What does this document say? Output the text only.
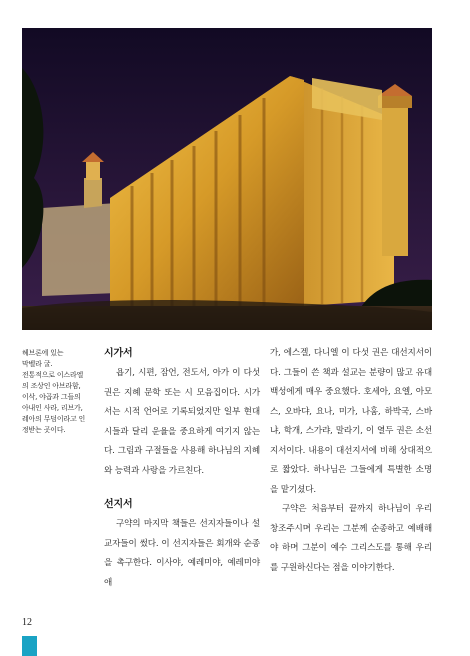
헤브론에 있는
막벨라 굴.
전통적으로 이스라엘
의 조상인 아브라함,
이삭, 야곱과 그들의
아내인 사라, 리브가,
레아의 무덤이라고 인
정받는 곳이다.
시가서

욥기, 시편, 잠언, 전도서, 아가 이 다섯 권은 지혜 문학 또는 시 모음집이다. 시가서는 시적 언어로 기록되었지만 일부 현대 시들과 달리 운율을 중요하게 여기지 않는다. 그림과 구절들을 사용해 하나님의 지혜와 능력과 사랑을 가르친다.

선지서

구약의 마지막 책들은 선지자들이나 설교자들이 썼다. 이 선지자들은 회개와 순종을 촉구한다. 이사야, 예레미야, 예레미야애

가, 에스겔, 다니엘 이 다섯 권은 대선지서이다. 그들이 쓴 책과 설교는 분량이 많고 유대 백성에게 매우 중요했다. 호세아, 요엘, 아모스, 오바댜, 요나, 미가, 나훔, 하박국, 스바냐, 학개, 스가랴, 말라기, 이 열두 권은 소선지서이다. 내용이 대선지서에 비해 상대적으로 짧았다. 하나님은 그들에게 특별한 소명을 맡기셨다.

구약은 처음부터 끝까지 하나님이 우리 창조주시며 우리는 그분께 순종하고 예배해야 하며 그분이 예수 그리스도를 통해 우리를 구원하신다는 점을 이야기한다.

12
